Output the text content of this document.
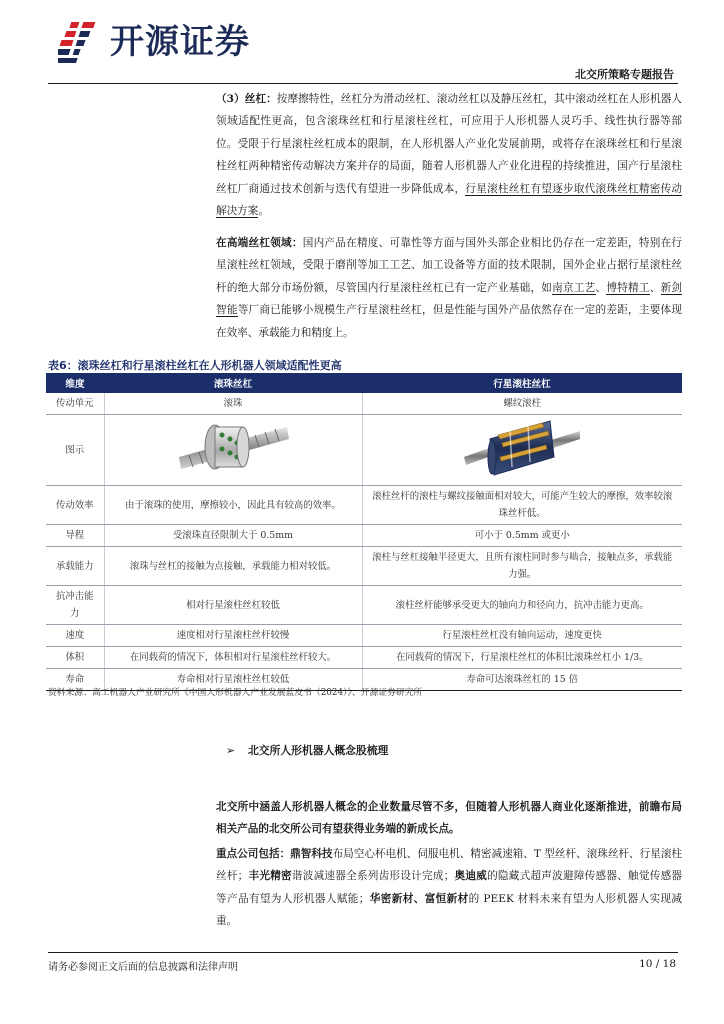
开源证券
北交所策略专题报告

（3）丝杠：按摩擦特性，丝杠分为滑动丝杠、滚动丝杠以及静压丝杠，其中滚动丝杠在人形机器人领域适配性更高，包含滚珠丝杠和行星滚柱丝杠，可应用于人形机器人灵巧手、线性执行器等部位。受限于行星滚柱丝杠成本的限制，在人形机器人产业化发展前期，或将存在滚珠丝杠和行星滚柱丝杠两种精密传动解决方案并存的局面，随着人形机器人产业化进程的持续推进，国产行星滚柱丝杠厂商通过技术创新与迭代有望进一步降低成本，行星滚柱丝杠有望逐步取代滚珠丝杠精密传动解决方案。

在高端丝杠领域：国内产品在精度、可靠性等方面与国外头部企业相比仍存在一定差距，特别在行星滚柱丝杠领域，受限于磨削等加工工艺、加工设备等方面的技术限制，国外企业占据行星滚柱丝杆的绝大部分市场份额，尽管国内行星滚柱丝杠已有一定产业基础，如南京工艺、博特精工、新剑智能等厂商已能够小规模生产行星滚柱丝杠，但是性能与国外产品依然存在一定的差距，主要体现在效率、承载能力和精度上。

表6：滚珠丝杠和行星滚柱丝杠在人形机器人领域适配性更高
维度	滚珠丝杠	行星滚柱丝杠
传动单元	滚珠	螺纹滚柱
图示		
传动效率	由于滚珠的使用，摩擦较小，因此具有较高的效率。	滚柱丝杆的滚柱与螺纹接触面相对较大，可能产生较大的摩擦，效率较滚珠丝杆低。
导程	受滚珠直径限制大于 0.5mm	可小于 0.5mm 或更小
承载能力	滚珠与丝杠的接触为点接触，承载能力相对较低。	滚柱与丝杠接触半径更大，且所有滚柱同时参与啮合，接触点多，承载能力强。
抗冲击能力	相对行星滚柱丝杠较低	滚柱丝杆能够承受更大的轴向力和径向力，抗冲击能力更高。
速度	速度相对行星滚柱丝杆较慢	行星滚柱丝杠没有轴向运动，速度更快
体积	在同载荷的情况下，体积相对行星滚柱丝杆较大。	在同载荷的情况下，行星滚柱丝杠的体积比滚珠丝杠小 1/3。
寿命	寿命相对行星滚柱丝杠较低	寿命可达滚珠丝杠的 15 倍
资料来源：高工机器人产业研究所《中国人形机器人产业发展蓝皮书（2024）》、开源证券研究所
➢ 北交所人形机器人概念股梳理

北交所中涵盖人形机器人概念的企业数量尽管不多，但随着人形机器人商业化逐渐推进，前瞻布局相关产品的北交所公司有望获得业务端的新成长点。

重点公司包括：鼎智科技布局空心杯电机、伺服电机、精密减速箱、T 型丝杆、滚珠丝杆、行星滚柱丝杆；丰光精密谐波减速器全系列齿形设计完成；奥迪威的隐藏式超声波避障传感器、触觉传感器等产品有望为人形机器人赋能；华密新材、富恒新材的 PEEK 材料未来有望为人形机器人实现减重。

请务必参阅正文后面的信息披露和法律声明	10 / 18
